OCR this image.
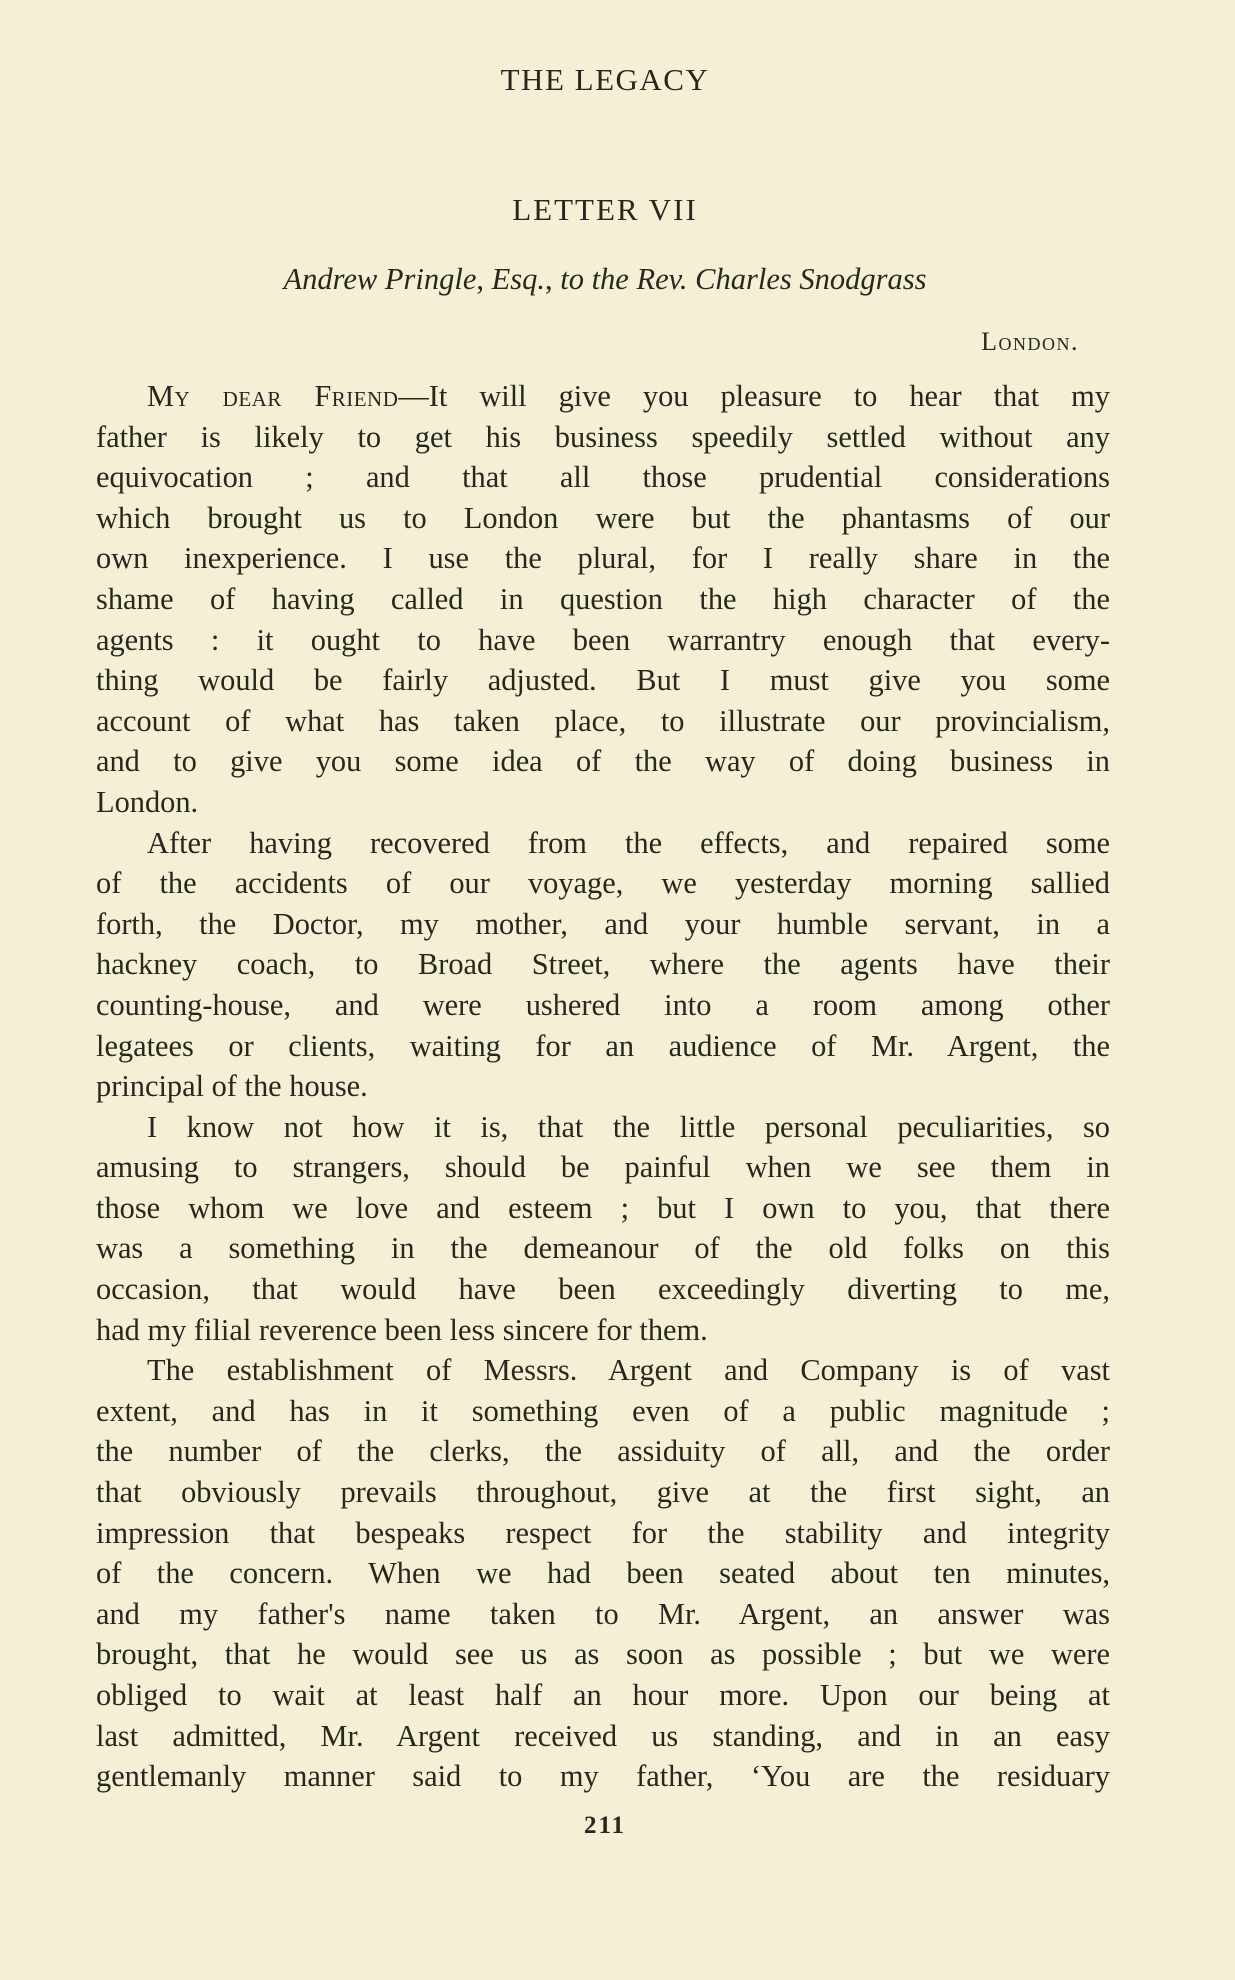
THE LEGACY
LETTER VII
Andrew Pringle, Esq., to the Rev. Charles Snodgrass
London.
My dear Friend—It will give you pleasure to hear that my
father is likely to get his business speedily settled without any
equivocation ; and that all those prudential considerations
which brought us to London were but the phantasms of our
own inexperience. I use the plural, for I really share in the
shame of having called in question the high character of the
agents : it ought to have been warrantry enough that every-
thing would be fairly adjusted. But I must give you some
account of what has taken place, to illustrate our provincialism,
and to give you some idea of the way of doing business in
London.
After having recovered from the effects, and repaired some
of the accidents of our voyage, we yesterday morning sallied
forth, the Doctor, my mother, and your humble servant, in a
hackney coach, to Broad Street, where the agents have their
counting-house, and were ushered into a room among other
legatees or clients, waiting for an audience of Mr. Argent, the
principal of the house.
I know not how it is, that the little personal peculiarities, so
amusing to strangers, should be painful when we see them in
those whom we love and esteem ; but I own to you, that there
was a something in the demeanour of the old folks on this
occasion, that would have been exceedingly diverting to me,
had my filial reverence been less sincere for them.
The establishment of Messrs. Argent and Company is of vast
extent, and has in it something even of a public magnitude ;
the number of the clerks, the assiduity of all, and the order
that obviously prevails throughout, give at the first sight, an
impression that bespeaks respect for the stability and integrity
of the concern. When we had been seated about ten minutes,
and my father's name taken to Mr. Argent, an answer was
brought, that he would see us as soon as possible ; but we were
obliged to wait at least half an hour more. Upon our being at
last admitted, Mr. Argent received us standing, and in an easy
gentlemanly manner said to my father, ‘You are the residuary
211
